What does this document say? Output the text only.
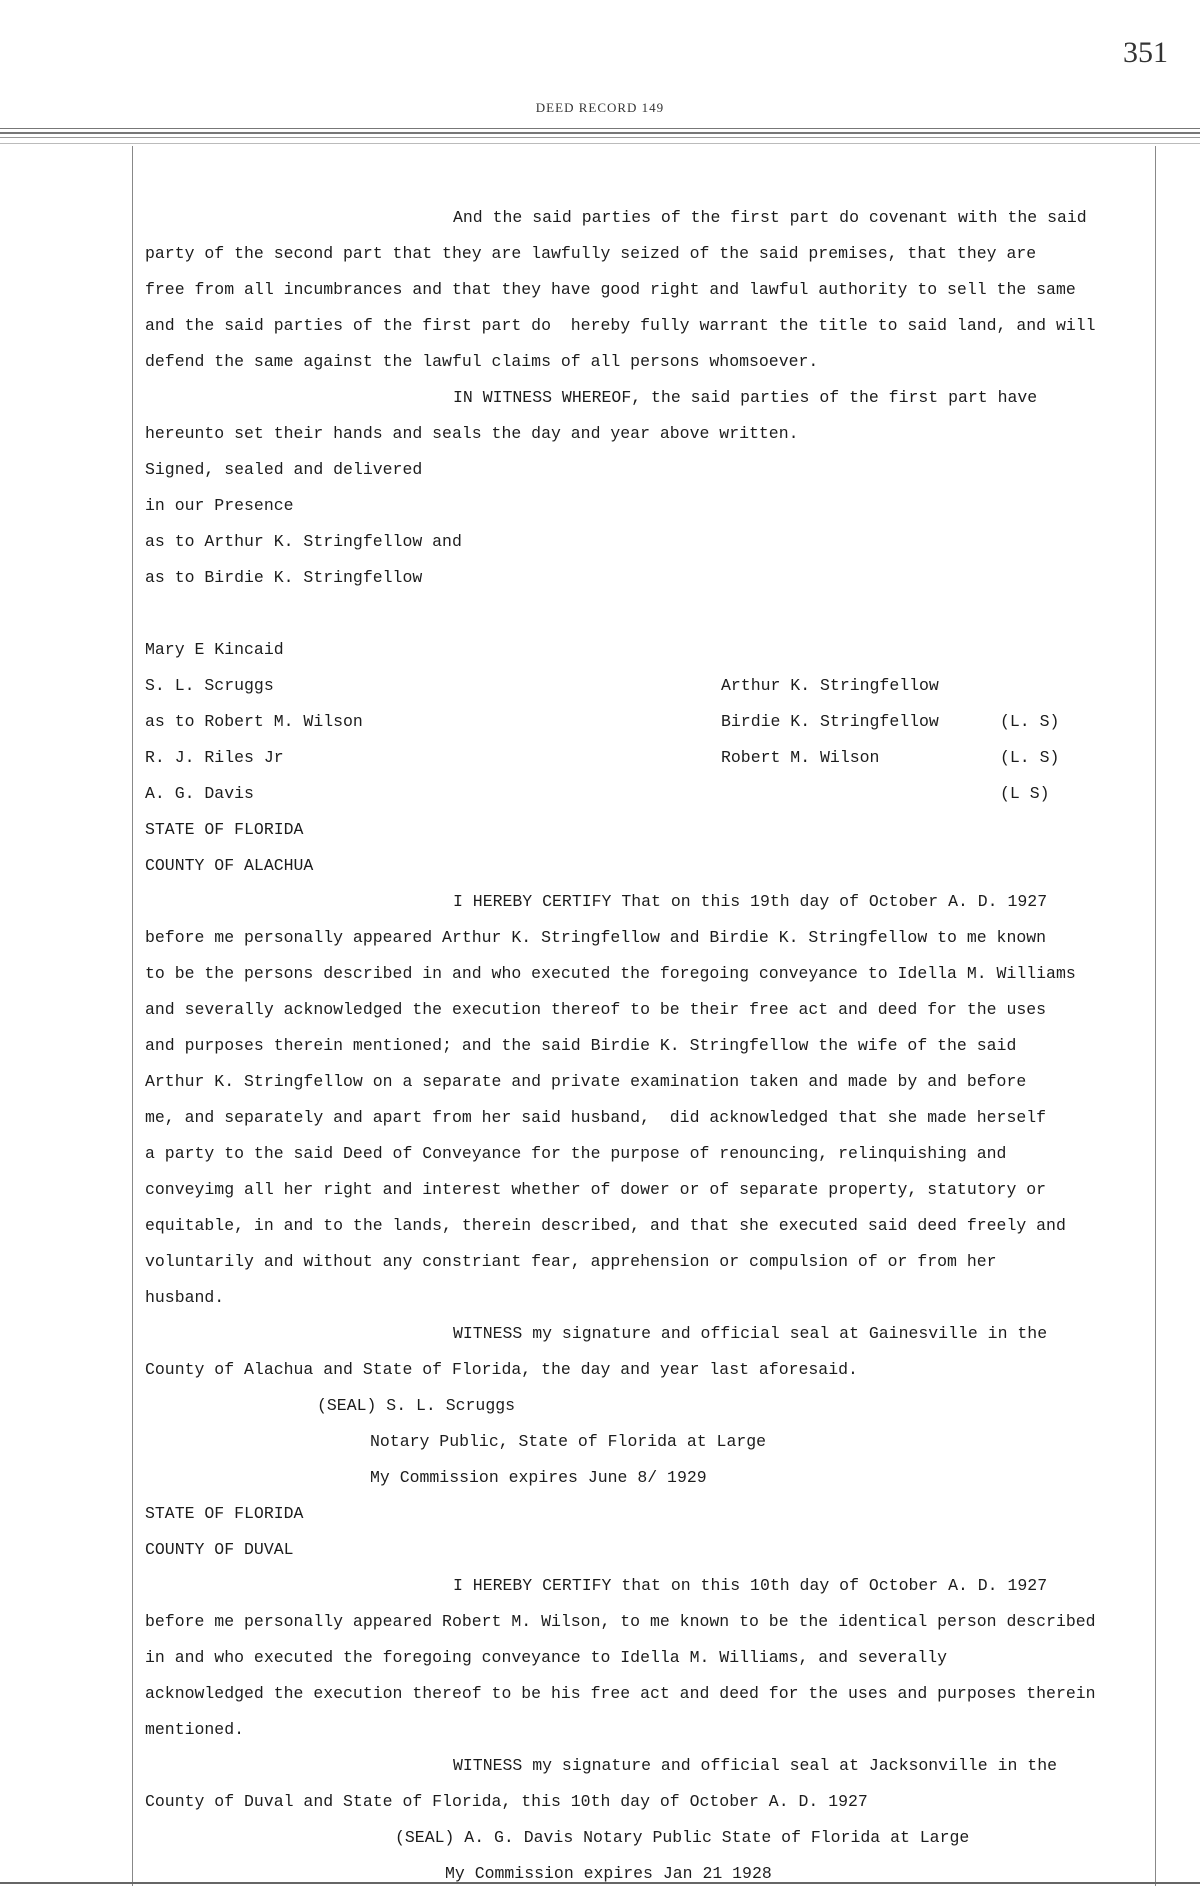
351
DEED RECORD 149
And the said parties of the first part do covenant with the said
party of the second part that they are lawfully seized of the said premises, that they are
free from all incumbrances and that they have good right and lawful authority to sell the same
and the said parties of the first part do  hereby fully warrant the title to said land, and will
defend the same against the lawful claims of all persons whomsoever.
IN WITNESS WHEREOF, the said parties of the first part have
hereunto set their hands and seals the day and year above written.
Signed, sealed and delivered
in our Presence
as to Arthur K. Stringfellow and
as to Birdie K. Stringfellow

Mary E Kincaid

Arthur K. Stringfellow

(L. S)

S. L. Scruggs

Birdie K. Stringfellow

(L. S)

Robert M. Wilson

(L S)

as to Robert M. Wilson
R. J. Riles Jr
A. G. Davis
STATE OF FLORIDA
COUNTY OF ALACHUA
I HEREBY CERTIFY That on this 19th day of October A. D. 1927
before me personally appeared Arthur K. Stringfellow and Birdie K. Stringfellow to me known
to be the persons described in and who executed the foregoing conveyance to Idella M. Williams
and severally acknowledged the execution thereof to be their free act and deed for the uses
and purposes therein mentioned; and the said Birdie K. Stringfellow the wife of the said
Arthur K. Stringfellow on a separate and private examination taken and made by and before
me, and separately and apart from her said husband,  did acknowledged that she made herself
a party to the said Deed of Conveyance for the purpose of renouncing, relinquishing and
conveyimg all her right and interest whether of dower or of separate property, statutory or
equitable, in and to the lands, therein described, and that she executed said deed freely and
voluntarily and without any constriant fear, apprehension or compulsion of or from her
husband.
WITNESS my signature and official seal at Gainesville in the
County of Alachua and State of Florida, the day and year last aforesaid.
(SEAL) S. L. Scruggs
Notary Public, State of Florida at Large
My Commission expires June 8/ 1929
STATE OF FLORIDA
COUNTY OF DUVAL
I HEREBY CERTIFY that on this 10th day of October A. D. 1927
before me personally appeared Robert M. Wilson, to me known to be the identical person described
in and who executed the foregoing conveyance to Idella M. Williams, and severally
acknowledged the execution thereof to be his free act and deed for the uses and purposes therein
mentioned.
WITNESS my signature and official seal at Jacksonville in the
County of Duval and State of Florida, this 10th day of October A. D. 1927
(SEAL) A. G. Davis Notary Public State of Florida at Large
My Commission expires Jan 21 1928
